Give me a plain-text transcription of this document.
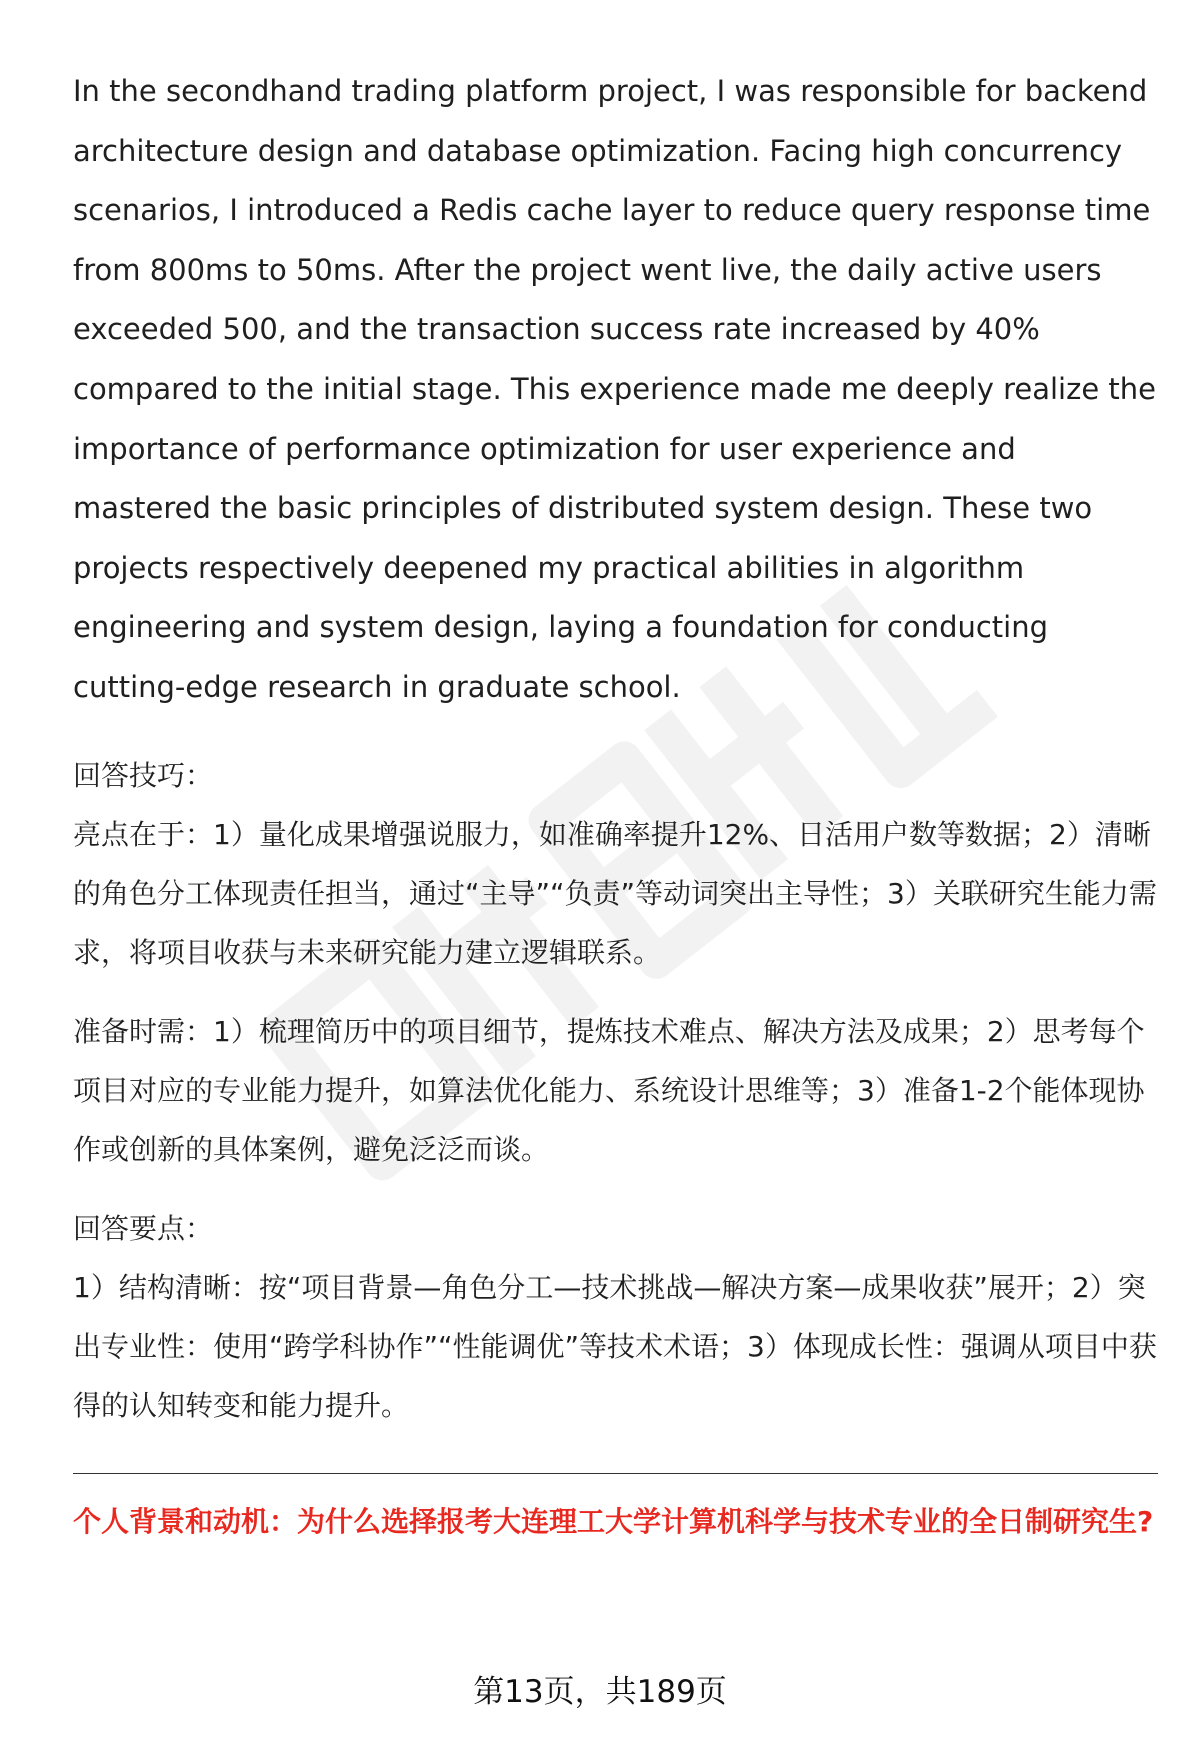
In the secondhand trading platform project, I was responsible for backend architecture design and database optimization. Facing high concurrency scenarios, I introduced a Redis cache layer to reduce query response time from 800ms to 50ms. After the project went live, the daily active users exceeded 500, and the transaction success rate increased by 40% compared to the initial stage. This experience made me deeply realize the importance of performance optimization for user experience and mastered the basic principles of distributed system design. These two projects respectively deepened my practical abilities in algorithm engineering and system design, laying a foundation for conducting cutting-edge research in graduate school.

回答技巧：

亮点在于：1）量化成果增强说服力，如准确率提升12%、日活用户数等数据；2）清晰的角色分工体现责任担当，通过“主导”“负责”等动词突出主导性；3）关联研究生能力需求，将项目收获与未来研究能力建立逻辑联系。

准备时需：1）梳理简历中的项目细节，提炼技术难点、解决方法及成果；2）思考每个项目对应的专业能力提升，如算法优化能力、系统设计思维等；3）准备1-2个能体现协作或创新的具体案例，避免泛泛而谈。

回答要点：

1）结构清晰：按“项目背景—角色分工—技术挑战—解决方案—成果收获”展开；2）突出专业性：使用“跨学科协作”“性能调优”等技术术语；3）体现成长性：强调从项目中获得的认知转变和能力提升。

个人背景和动机：为什么选择报考大连理工大学计算机科学与技术专业的全日制研究生?

第13页，共189页
